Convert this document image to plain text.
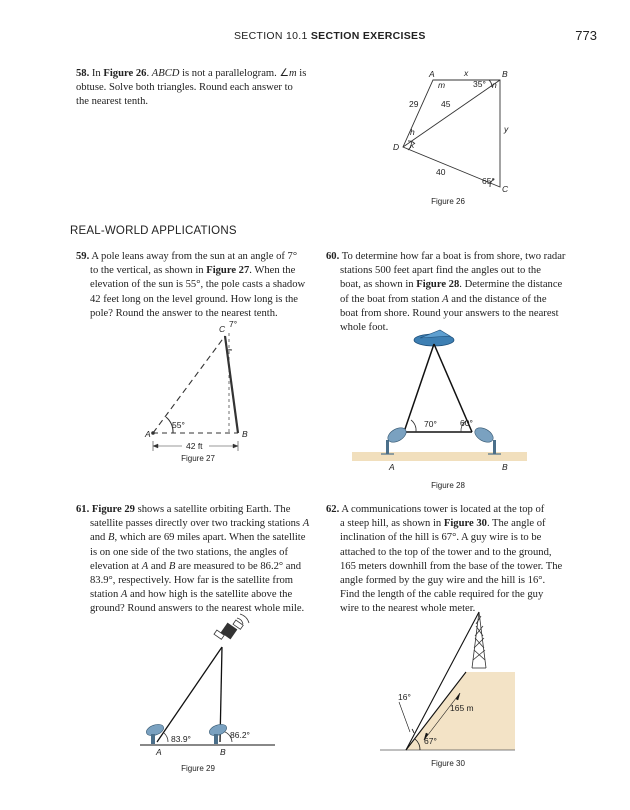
SECTION 10.1 SECTION EXERCISES	773
58. In Figure 26. ABCD is not a parallelogram. ∠m is
obtuse. Solve both triangles. Round each answer to
the nearest tenth.
A	B
D
C
x
m	n
y
h
k
29	45
40
35°
65°
Figure 26
REAL-WORLD APPLICATIONS
59. A pole leans away from the sun at an angle of 7°
to the vertical, as shown in Figure 27. When the
elevation of the sun is 55°, the pole casts a shadow
42 feet long on the level ground. How long is the
pole? Round the answer to the nearest tenth.
A	B
C 7°
55°
42 ft
Figure 27
60. To determine how far a boat is from shore, two radar
stations 500 feet apart find the angles out to the
boat, as shown in Figure 28. Determine the distance
of the boat from station A and the distance of the
boat from shore. Round your answers to the nearest
whole foot.
70°	60°
A	B
Figure 28
61. Figure 29 shows a satellite orbiting Earth. The
satellite passes directly over two tracking stations A
and B, which are 69 miles apart. When the satellite
is on one side of the two stations, the angles of
elevation at A and B are measured to be 86.2° and
83.9°, respectively. How far is the satellite from
station A and how high is the satellite above the
ground? Round answers to the nearest whole mile.
83.9°	86.2°
A	B
Figure 29
62. A communications tower is located at the top of
a steep hill, as shown in Figure 30. The angle of
inclination of the hill is 67°. A guy wire is to be
attached to the top of the tower and to the ground,
165 meters downhill from the base of the tower. The
angle formed by the guy wire and the hill is 16°.
Find the length of the cable required for the guy
wire to the nearest whole meter.
16°
165 m
67°
Figure 30
